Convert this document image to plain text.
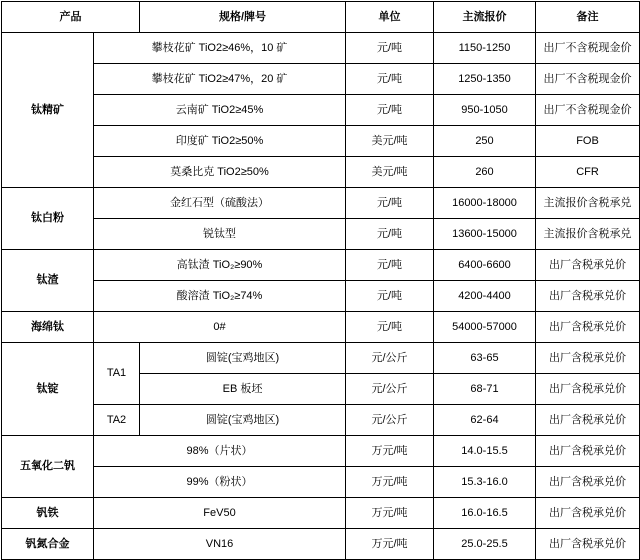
产品		规格/牌号	单位	主流报价	备注
钛精矿	攀枝花矿 TiO2≥46%，10 矿		元/吨	1150-1250	出厂不含税现金价
	攀枝花矿 TiO2≥47%，20 矿		元/吨	1250-1350	出厂不含税现金价
	云南矿 TiO2≥45%		元/吨	950-1050	出厂不含税现金价
	印度矿 TiO2≥50%		美元/吨	250	FOB
	莫桑比克 TiO2≥50%		美元/吨	260	CFR
钛白粉	金红石型（硫酸法）		元/吨	16000-18000	主流报价含税承兑
	锐钛型		元/吨	13600-15000	主流报价含税承兑
钛渣	高钛渣 TiO₂≥90%		元/吨	6400-6600	出厂含税承兑价
	酸溶渣 TiO₂≥74%		元/吨	4200-4400	出厂含税承兑价
海绵钛	0#		元/吨	54000-57000	出厂含税承兑价
钛锭	TA1	圆锭(宝鸡地区)	元/公斤	63-65	出厂含税承兑价
		EB 板坯	元/公斤	68-71	出厂含税承兑价
	TA2	圆锭(宝鸡地区)	元/公斤	62-64	出厂含税承兑价
五氧化二钒	98%（片状）		万元/吨	14.0-15.5	出厂含税承兑价
	99%（粉状）		万元/吨	15.3-16.0	出厂含税承兑价
钒铁	FeV50		万元/吨	16.0-16.5	出厂含税承兑价
钒氮合金	VN16		万元/吨	25.0-25.5	出厂含税承兑价
